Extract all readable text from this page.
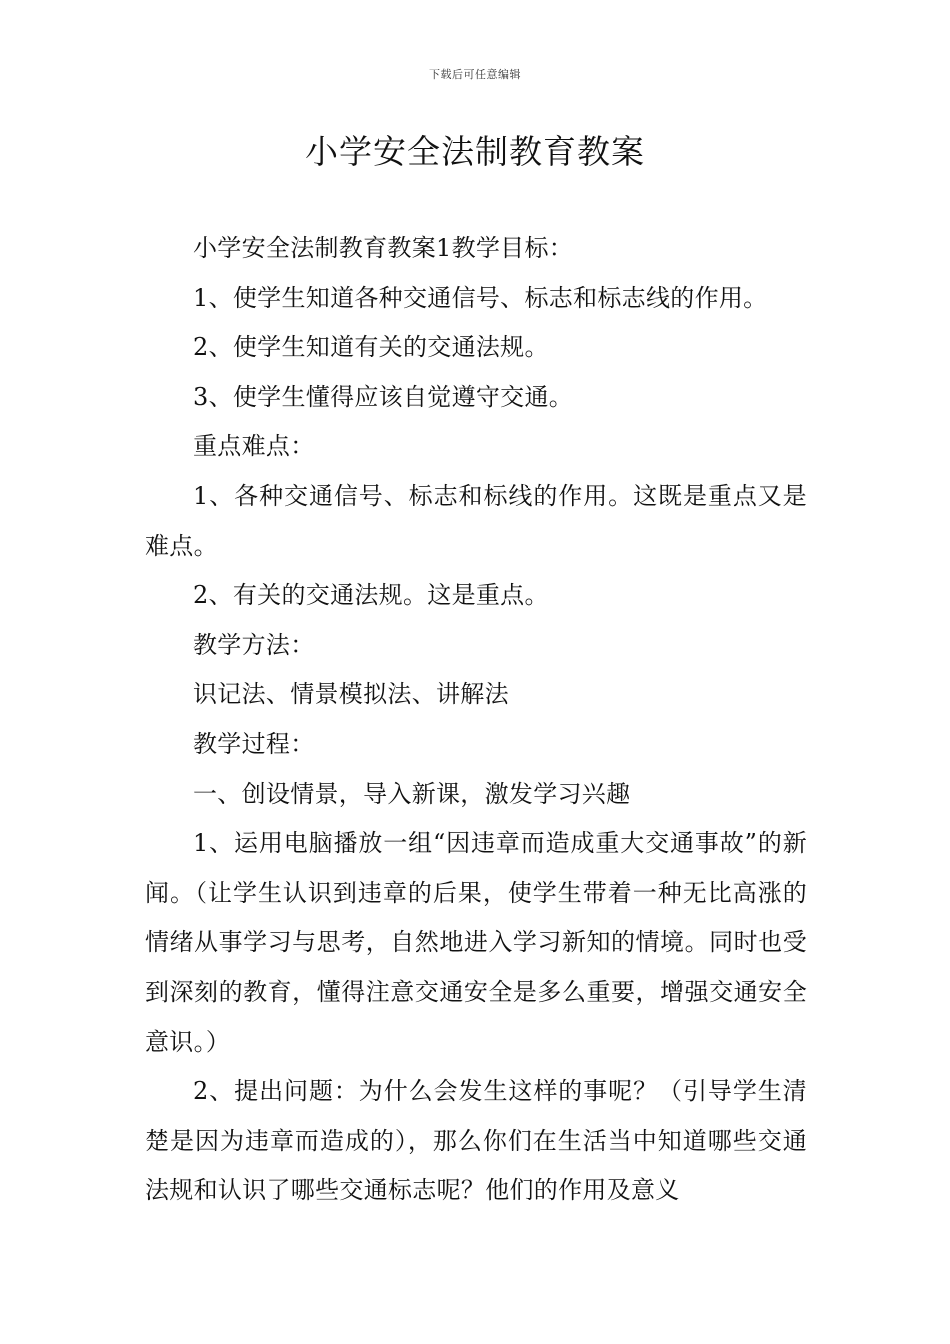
下载后可任意编辑
小学安全法制教育教案

小学安全法制教育教案1教学目标：

1、使学生知道各种交通信号、标志和标志线的作用。

2、使学生知道有关的交通法规。

3、使学生懂得应该自觉遵守交通。

重点难点：

1、各种交通信号、标志和标线的作用。这既是重点又是难点。

2、有关的交通法规。这是重点。

教学方法：

识记法、情景模拟法、讲解法

教学过程：

一、创设情景，导入新课，激发学习兴趣

1、运用电脑播放一组“因违章而造成重大交通事故”的新闻。（让学生认识到违章的后果，使学生带着一种无比高涨的情绪从事学习与思考，自然地进入学习新知的情境。同时也受到深刻的教育，懂得注意交通安全是多么重要，增强交通安全意识。）

2、提出问题：为什么会发生这样的事呢？（引导学生清楚是因为违章而造成的），那么你们在生活当中知道哪些交通法规和认识了哪些交通标志呢？他们的作用及意义
